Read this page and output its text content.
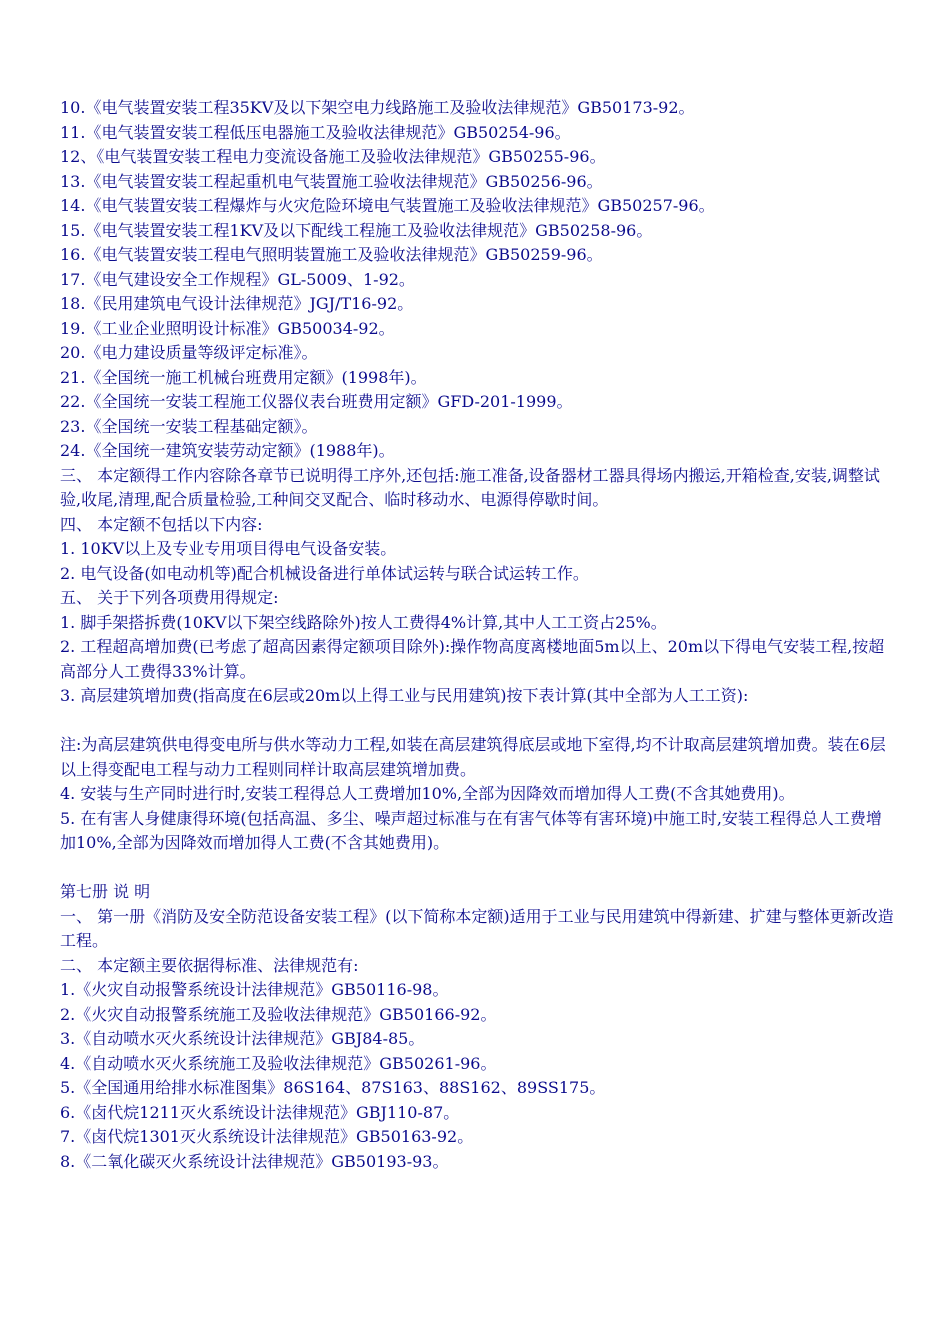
10.《电气装置安装工程35KV及以下架空电力线路施工及验收法律规范》GB50173-92。
11.《电气装置安装工程低压电器施工及验收法律规范》GB50254-96。
12、《电气装置安装工程电力变流设备施工及验收法律规范》GB50255-96。
13.《电气装置安装工程起重机电气装置施工验收法律规范》GB50256-96。
14.《电气装置安装工程爆炸与火灾危险环境电气装置施工及验收法律规范》GB50257-96。
15.《电气装置安装工程1KV及以下配线工程施工及验收法律规范》GB50258-96。
16.《电气装置安装工程电气照明装置施工及验收法律规范》GB50259-96。
17.《电气建设安全工作规程》GL-5009、1-92。
18.《民用建筑电气设计法律规范》JGJ/T16-92。
19.《工业企业照明设计标准》GB50034-92。
20.《电力建设质量等级评定标准》。
21.《全国统一施工机械台班费用定额》(1998年)。
22.《全国统一安装工程施工仪器仪表台班费用定额》GFD-201-1999。
23.《全国统一安装工程基础定额》。
24.《全国统一建筑安装劳动定额》(1988年)。
三、 本定额得工作内容除各章节已说明得工序外,还包括:施工准备,设备器材工器具得场内搬运,开箱检查,安装,调整试验,收尾,清理,配合质量检验,工种间交叉配合、临时移动水、电源得停歇时间。
四、 本定额不包括以下内容:
1. 10KV以上及专业专用项目得电气设备安装。
2. 电气设备(如电动机等)配合机械设备进行单体试运转与联合试运转工作。
五、 关于下列各项费用得规定:
1. 脚手架搭拆费(10KV以下架空线路除外)按人工费得4%计算,其中人工工资占25%。
2. 工程超高增加费(已考虑了超高因素得定额项目除外):操作物高度离楼地面5m以上、20m以下得电气安装工程,按超高部分人工费得33%计算。
3. 高层建筑增加费(指高度在6层或20m以上得工业与民用建筑)按下表计算(其中全部为人工工资):
注:为高层建筑供电得变电所与供水等动力工程,如装在高层建筑得底层或地下室得,均不计取高层建筑增加费。装在6层以上得变配电工程与动力工程则同样计取高层建筑增加费。
4. 安装与生产同时进行时,安装工程得总人工费增加10%,全部为因降效而增加得人工费(不含其她费用)。
5. 在有害人身健康得环境(包括高温、多尘、噪声超过标准与在有害气体等有害环境)中施工时,安装工程得总人工费增加10%,全部为因降效而增加得人工费(不含其她费用)。
第七册 说 明
一、 第一册《消防及安全防范设备安装工程》(以下简称本定额)适用于工业与民用建筑中得新建、扩建与整体更新改造工程。
二、 本定额主要依据得标准、法律规范有:
1.《火灾自动报警系统设计法律规范》GB50116-98。
2.《火灾自动报警系统施工及验收法律规范》GB50166-92。
3.《自动喷水灭火系统设计法律规范》GBJ84-85。
4.《自动喷水灭火系统施工及验收法律规范》GB50261-96。
5.《全国通用给排水标准图集》86S164、87S163、88S162、89SS175。
6.《卤代烷1211灭火系统设计法律规范》GBJ110-87。
7.《卤代烷1301灭火系统设计法律规范》GB50163-92。
8.《二氧化碳灭火系统设计法律规范》GB50193-93。
